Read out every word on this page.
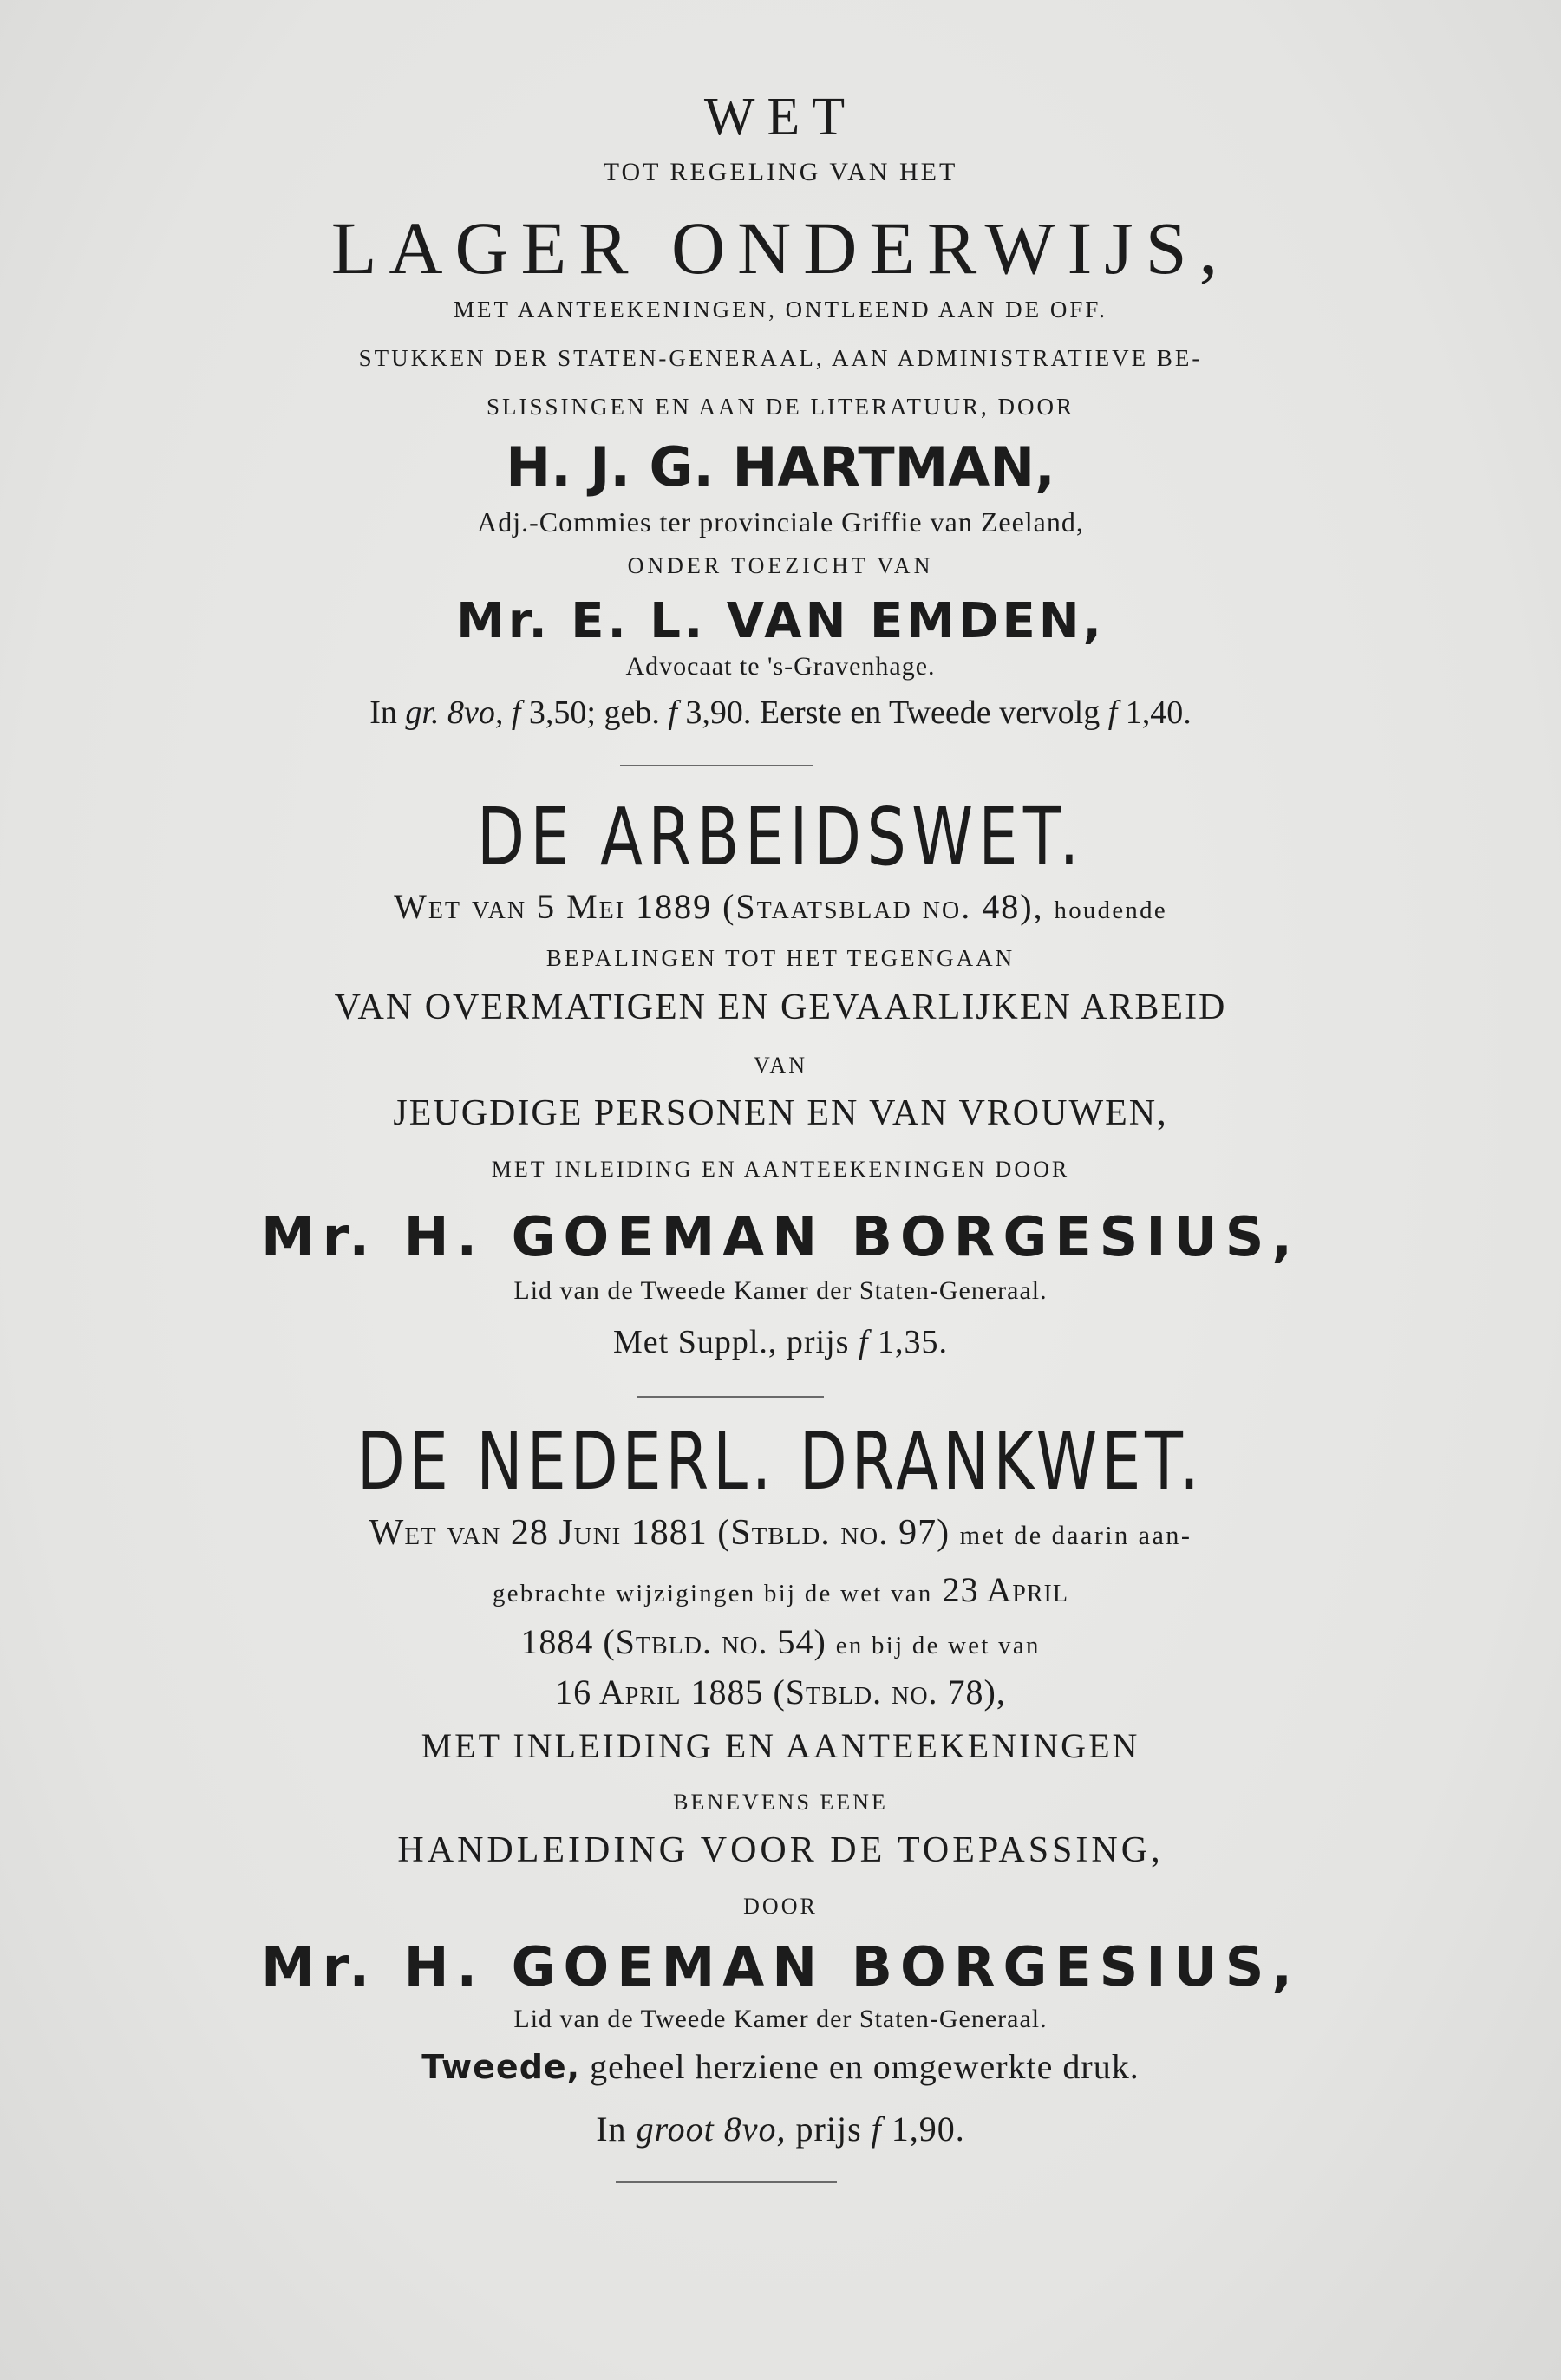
WET
TOT REGELING VAN HET
LAGER ONDERWIJS,
MET AANTEEKENINGEN, ONTLEEND AAN DE OFF.
STUKKEN DER STATEN-GENERAAL, AAN ADMINISTRATIEVE BE-
SLISSINGEN EN AAN DE LITERATUUR, DOOR
H. J. G. HARTMAN,
Adj.-Commies ter provinciale Griffie van Zeeland,
ONDER TOEZICHT VAN
Mr. E. L. VAN EMDEN,
Advocaat te 's-Gravenhage.
In gr. 8vo, f 3,50; geb. f 3,90. Eerste en Tweede vervolg f 1,40.
DE ARBEIDSWET.
Wet van 5 Mei 1889 (Staatsblad no. 48), houdende
BEPALINGEN TOT HET TEGENGAAN
VAN OVERMATIGEN EN GEVAARLIJKEN ARBEID
VAN
JEUGDIGE PERSONEN EN VAN VROUWEN,
MET INLEIDING EN AANTEEKENINGEN DOOR
Mr. H. GOEMAN BORGESIUS,
Lid van de Tweede Kamer der Staten-Generaal.
Met Suppl., prijs f 1,35.
DE NEDERL. DRANKWET.
Wet van 28 Juni 1881 (Stbld. no. 97) met de daarin aan-
gebrachte wijzigingen bij de wet van 23 April
1884 (Stbld. no. 54) en bij de wet van
16 April 1885 (Stbld. no. 78),
MET INLEIDING EN AANTEEKENINGEN
BENEVENS EENE
HANDLEIDING VOOR DE TOEPASSING,
DOOR
Mr. H. GOEMAN BORGESIUS,
Lid van de Tweede Kamer der Staten-Generaal.
Tweede, geheel herziene en omgewerkte druk.
In groot 8vo, prijs f 1,90.
